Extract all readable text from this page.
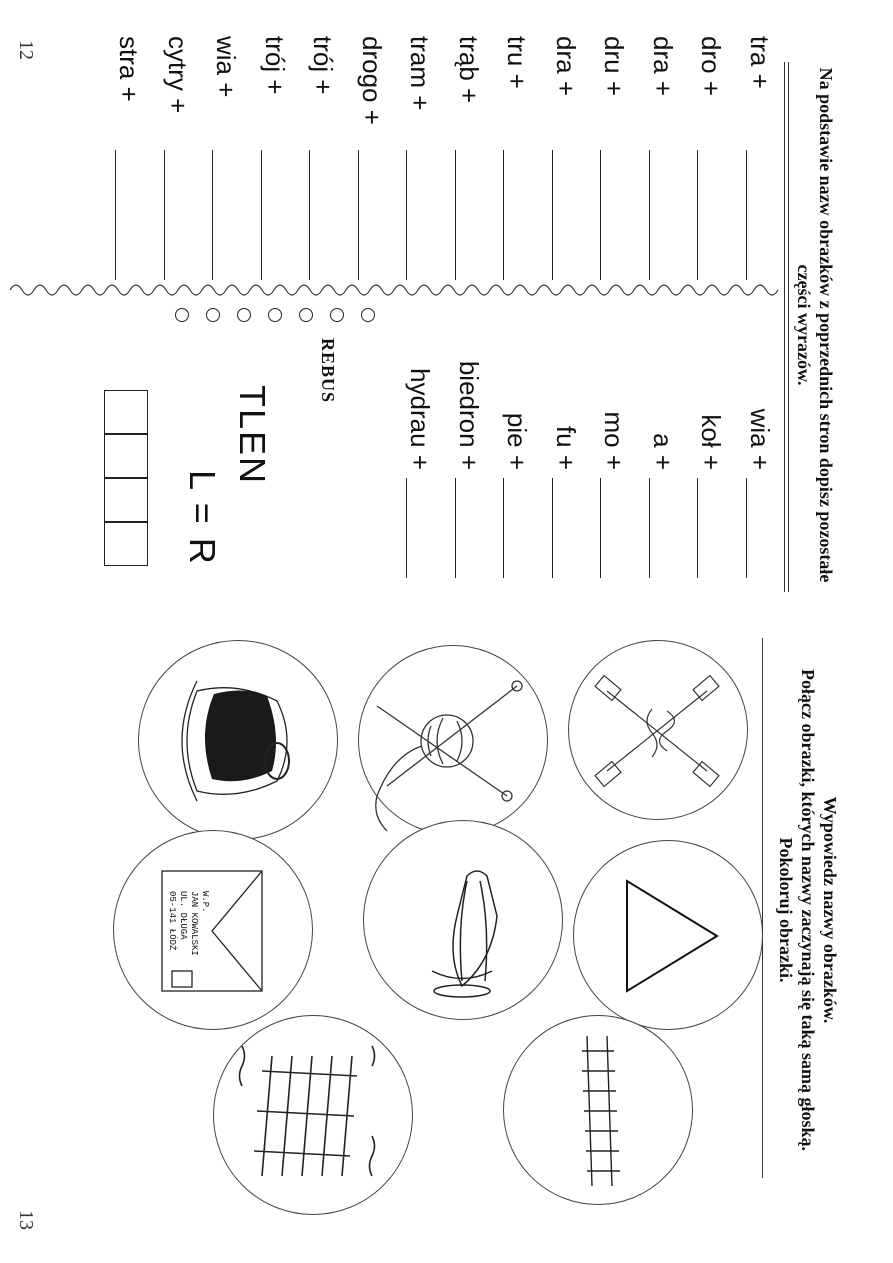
12
Na podstawie nazw obrazków z poprzednich stron dopisz pozostałe części wyrazów.
tra +
dro +
dra +
dru +
dra +
tru +
trąb +
tram +
drogo +
trój +
trój +
wia +
cytry +
stra +
wia +
koł +
a +
mo +
fu +
pie +
biedron +
hydrau +
REBUS
TLEN
L = R
Wypowiedz nazwy obrazków.
Połącz obrazki, których nazwy zaczynają się taką samą głoską.
Pokoloruj obrazki.
13
W.P.
JAN KOWALSKI
UL. DŁUGA
05-141 ŁÓDŹ
